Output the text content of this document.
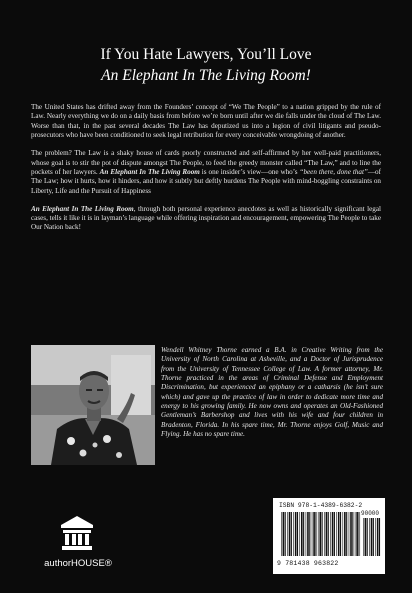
If You Hate Lawyers, You’ll Love
An Elephant In The Living Room!

The United States has drifted away from the Founders’ concept of “We The People” to a nation gripped by the rule of Law. Nearly everything we do on a daily basis from before we’re born until after we die falls under the cloud of The Law. Worse than that, in the past several decades The Law has deputized us into a legion of civil litigants and pseudo-prosecutors who have been conditioned to seek legal retribution for every conceivable wrongdoing of another.

The problem? The Law is a shaky house of cards poorly constructed and self-affirmed by her well-paid practitioners, whose goal is to stir the pot of dispute amongst The People, to feed the greedy monster called “The Law,” and to line the pockets of her lawyers. An Elephant In The Living Room is one insider’s view—one who’s “been there, done that”—of The Law; how it hurts, how it hinders, and how it subtly but deftly burdens The People with mind-boggling constraints on Liberty, Life and the Pursuit of Happiness

An Elephant In The Living Room, through both personal experience anecdotes as well as historically significant legal cases, tells it like it is in layman’s language while offering inspiration and encouragement, empowering The People to take Our Nation back!

Wendell Whitney Thorne earned a B.A. in Creative Writing from the University of North Carolina at Asheville, and a Doctor of Jurisprudence from the University of Tennessee College of Law. A former attorney, Mr. Thorne practiced in the areas of Criminal Defense and Employment Discrimination, but experienced an epiphany or a catharsis (he isn’t sure which) and gave up the practice of law in order to dedicate more time and energy to his growing family. He now owns and operates an Old-Fashioned Gentleman’s Barbershop and lives with his wife and four children in Bradenton, Florida. In his spare time, Mr. Thorne enjoys Golf, Music and Flying. He has no spare time.
authorHOUSE®
ISBN 978-1-4389-6382-2
90000
9 781438 963822
